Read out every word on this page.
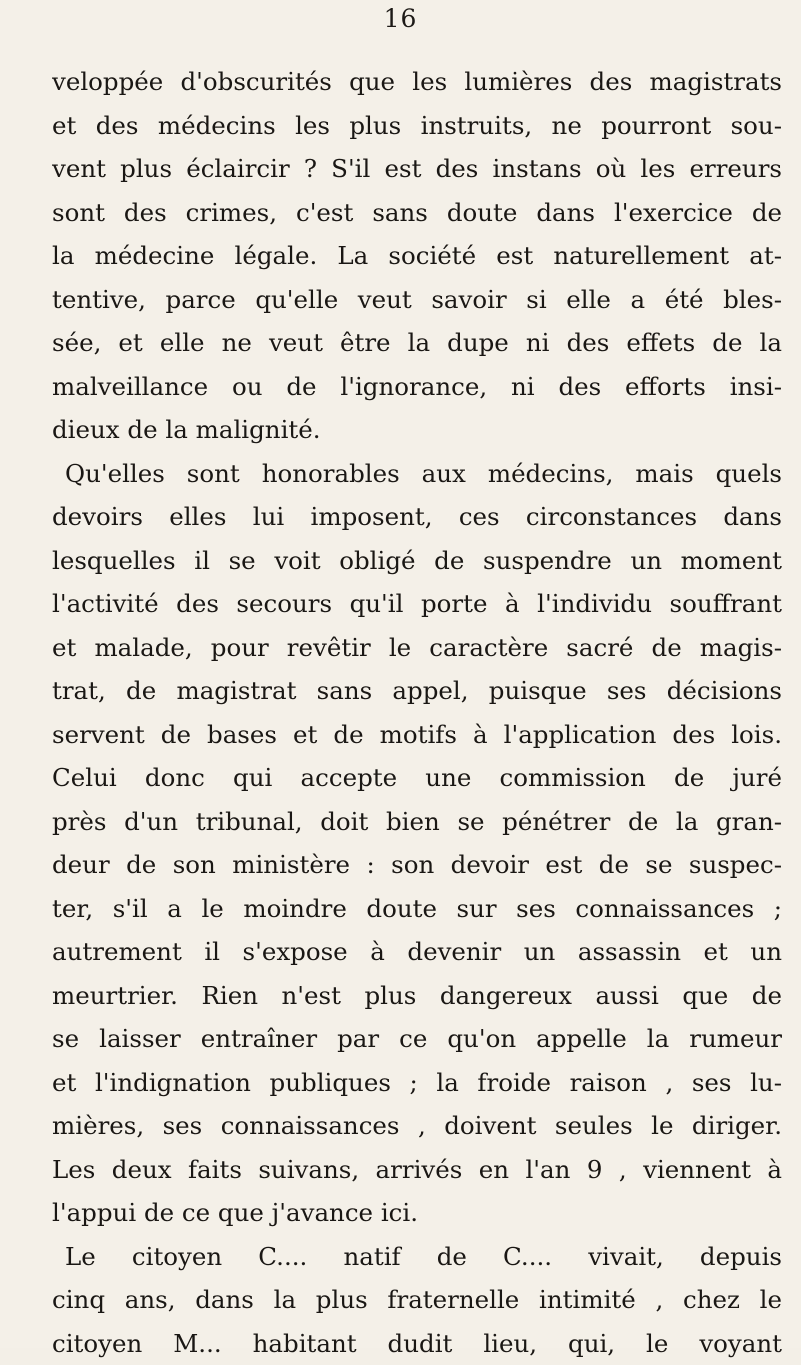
16
veloppée d'obscurités que les lumières des magistrats
et des médecins les plus instruits, ne pourront sou-
vent plus éclaircir ? S'il est des instans où les erreurs
sont des crimes, c'est sans doute dans l'exercice de
la médecine légale. La société est naturellement at-
tentive, parce qu'elle veut savoir si elle a été bles-
sée, et elle ne veut être la dupe ni des effets de la
malveillance ou de l'ignorance, ni des efforts insi-
dieux de la malignité.
Qu'elles sont honorables aux médecins, mais quels
devoirs elles lui imposent, ces circonstances dans
lesquelles il se voit obligé de suspendre un moment
l'activité des secours qu'il porte à l'individu souffrant
et malade, pour revêtir le caractère sacré de magis-
trat, de magistrat sans appel, puisque ses décisions
servent de bases et de motifs à l'application des lois.
Celui donc qui accepte une commission de juré
près d'un tribunal, doit bien se pénétrer de la gran-
deur de son ministère : son devoir est de se suspec-
ter, s'il a le moindre doute sur ses connaissances ;
autrement il s'expose à devenir un assassin et un
meurtrier. Rien n'est plus dangereux aussi que de
se laisser entraîner par ce qu'on appelle la rumeur
et l'indignation publiques ; la froide raison , ses lu-
mières, ses connaissances , doivent seules le diriger.
Les deux faits suivans, arrivés en l'an 9 , viennent à
l'appui de ce que j'avance ici.
Le citoyen C.... natif de C.... vivait, depuis
cinq ans, dans la plus fraternelle intimité , chez le
citoyen M... habitant dudit lieu, qui, le voyant
